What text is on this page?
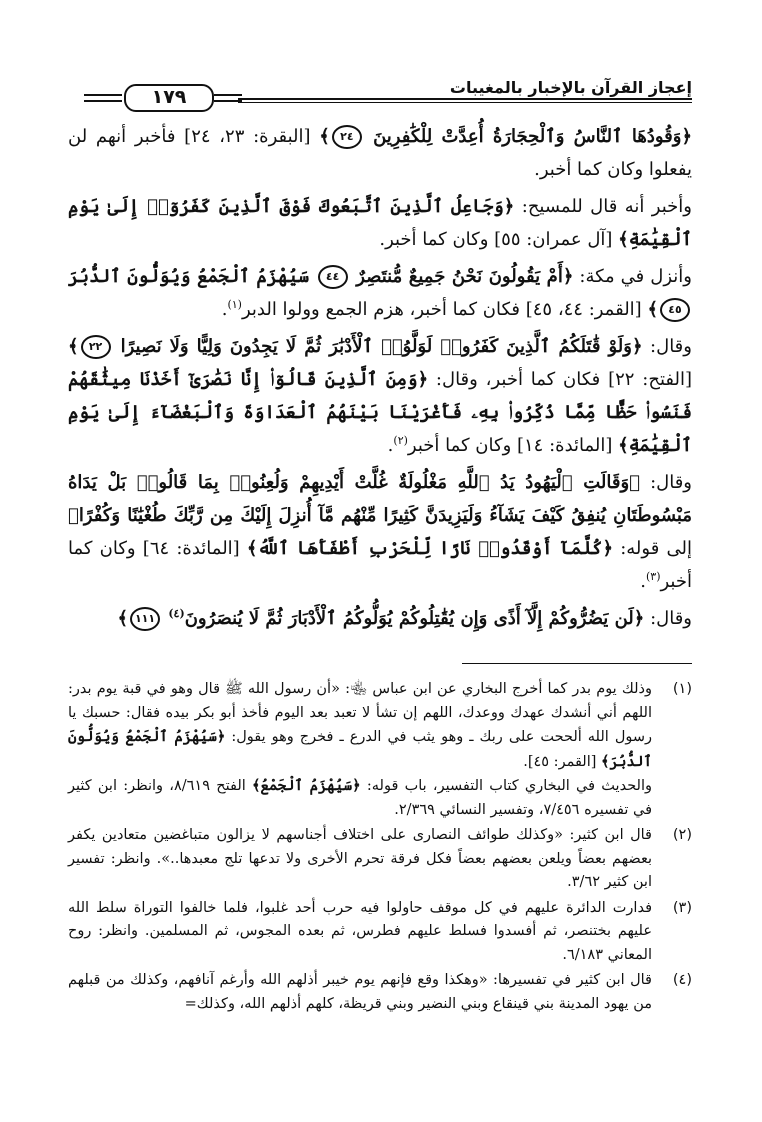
إعجاز القرآن بالإخبار بالمغيبات
١٧٩

﴿وَقُودُهَا ٱلنَّاسُ وَٱلْحِجَارَةُ أُعِدَّتْ لِلْكَٰفِرِينَ ٢٤﴾ [البقرة: ٢٣، ٢٤] فأخبر أنهم لن يفعلوا وكان كما أخبر.

وأخبر أنه قال للمسيح: ﴿وَجَاعِلُ ٱلَّذِينَ ٱتَّبَعُوكَ فَوْقَ ٱلَّذِينَ كَفَرُوٓا۟ إِلَىٰ يَوْمِ ٱلْقِيَٰمَةِ﴾ [آل عمران: ٥٥] وكان كما أخبر.

وأنزل في مكة: ﴿أَمْ يَقُولُونَ نَحْنُ جَمِيعٌ مُّنتَصِرٌ ٤٤ سَيُهْزَمُ ٱلْجَمْعُ وَيُوَلُّونَ ٱلدُّبُرَ ٤٥﴾ [القمر: ٤٤، ٤٥] فكان كما أخبر، هزم الجمع وولوا الدبر$^{(١)}$.

وقال: ﴿وَلَوْ قَٰتَلَكُمُ ٱلَّذِينَ كَفَرُوا۟ لَوَلَّوُا۟ ٱلْأَدْبَٰرَ ثُمَّ لَا يَجِدُونَ وَلِيًّا وَلَا نَصِيرًا ٢٢﴾ [الفتح: ٢٢] فكان كما أخبر، وقال: ﴿وَمِنَ ٱلَّذِينَ قَالُوٓا۟ إِنَّا نَصَٰرَىٰٓ أَخَذْنَا مِيثَٰقَهُمْ فَنَسُوا۟ حَظًّا مِّمَّا ذُكِّرُوا۟ بِهِۦ فَأَغْرَيْنَا بَيْنَهُمُ ٱلْعَدَاوَةَ وَٱلْبَغْضَآءَ إِلَىٰ يَوْمِ ٱلْقِيَٰمَةِ﴾ [المائدة: ١٤] وكان كما أخبر$^{(٢)}$.

وقال: ﴿وَقَالَتِ ٱلْيَهُودُ يَدُ ٱللَّهِ مَغْلُولَةٌ غُلَّتْ أَيْدِيهِمْ وَلُعِنُوا۟ بِمَا قَالُوا۟ بَلْ يَدَاهُ مَبْسُوطَتَانِ يُنفِقُ كَيْفَ يَشَآءُ وَلَيَزِيدَنَّ كَثِيرًا مِّنْهُم مَّآ أُنزِلَ إِلَيْكَ مِن رَّبِّكَ طُغْيَٰنًا وَكُفْرًا﴾ إلى قوله: ﴿كُلَّمَآ أَوْقَدُوا۟ نَارًا لِّلْحَرْبِ أَطْفَأَهَا ٱللَّهُ﴾ [المائدة: ٦٤] وكان كما أخبر$^{(٣)}$.

وقال: ﴿لَن يَضُرُّوكُمْ إِلَّآ أَذًى وَإِن يُقَٰتِلُوكُمْ يُوَلُّوكُمُ ٱلْأَدْبَارَ ثُمَّ لَا يُنصَرُونَ$^{(٤)}$ ١١١﴾

(١)

وذلك يوم بدر كما أخرج البخاري عن ابن عباس ﵄: «أن رسول الله ﷺ قال وهو في قبة يوم بدر: اللهم أني أنشدك عهدك ووعدك، اللهم إن تشأ لا تعبد بعد اليوم فأخذ أبو بكر بيده فقال: حسبك يا رسول الله ألححت على ربك ـ وهو يثب في الدرع ـ فخرج وهو يقول: ﴿سَيُهْزَمُ ٱلْجَمْعُ وَيُوَلُّونَ ٱلدُّبُرَ﴾ [القمر: ٤٥].

والحديث في البخاري كتاب التفسير، باب قوله: ﴿سَيُهْزَمُ ٱلْجَمْعُ﴾ الفتح ٨/٦١٩، وانظر: ابن كثير في تفسيره ٧/٤٥٦، وتفسير النسائي ٢/٣٦٩.

(٢)
قال ابن كثير: «وكذلك طوائف النصارى على اختلاف أجناسهم لا يزالون متباغضين متعادين يكفر بعضهم بعضاً ويلعن بعضهم بعضاً فكل فرقة تحرم الأخرى ولا تدعها تلج معبدها..». وانظر: تفسير ابن كثير ٣/٦٢.
(٣)
فدارت الدائرة عليهم في كل موقف حاولوا فيه حرب أحد غلبوا، فلما خالفوا التوراة سلط الله عليهم بختنصر، ثم أفسدوا فسلط عليهم فطرس، ثم بعده المجوس، ثم المسلمين. وانظر: روح المعاني ٦/١٨٣.
(٤)
قال ابن كثير في تفسيرها: «وهكذا وقع فإنهم يوم خيبر أذلهم الله وأرغم آنافهم، وكذلك من قبلهم من يهود المدينة بني قينقاع وبني النضير وبني قريظة، كلهم أذلهم الله، وكذلك=
